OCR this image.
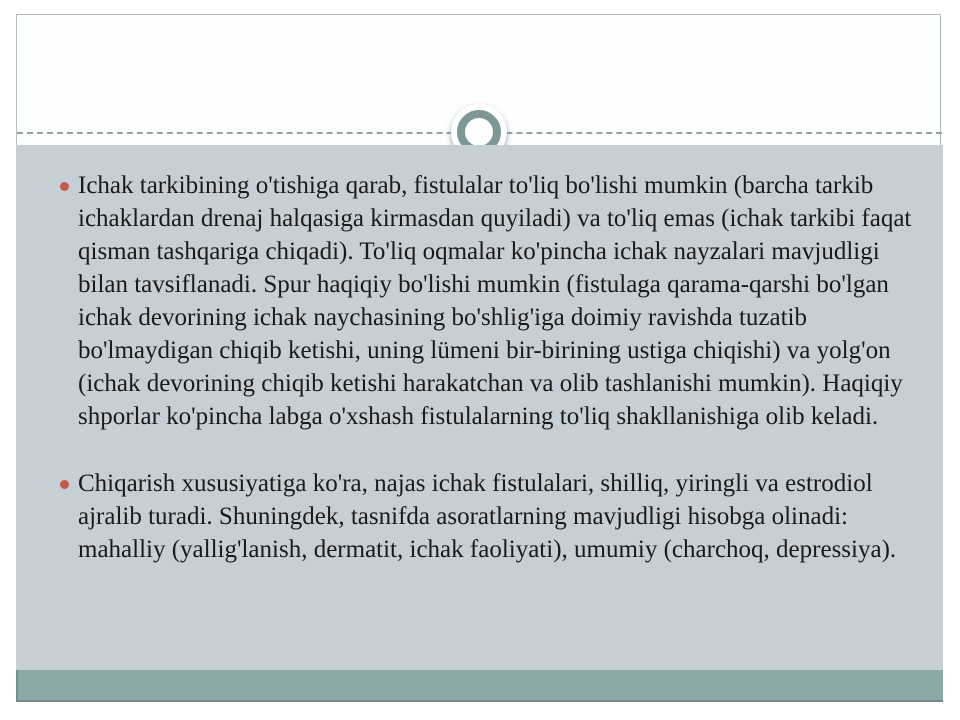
Ichak tarkibining o'tishiga qarab, fistulalar to'liq bo'lishi mumkin (barcha tarkib ichaklardan drenaj halqasiga kirmasdan quyiladi) va to'liq emas (ichak tarkibi faqat qisman tashqariga chiqadi). To'liq oqmalar ko'pincha ichak nayzalari mavjudligi bilan tavsiflanadi. Spur haqiqiy bo'lishi mumkin (fistulaga qarama-qarshi bo'lgan ichak devorining ichak naychasining bo'shlig'iga doimiy ravishda tuzatib bo'lmaydigan chiqib ketishi, uning lümeni bir-birining ustiga chiqishi) va yolg'on (ichak devorining chiqib ketishi harakatchan va olib tashlanishi mumkin). Haqiqiy shporlar ko'pincha labga o'xshash fistulalarning to'liq shakllanishiga olib keladi.
Chiqarish xususiyatiga ko'ra, najas ichak fistulalari, shilliq, yiringli va estrodiol ajralib turadi. Shuningdek, tasnifda asoratlarning mavjudligi hisobga olinadi: mahalliy (yallig'lanish, dermatit, ichak faoliyati), umumiy (charchoq, depressiya).
